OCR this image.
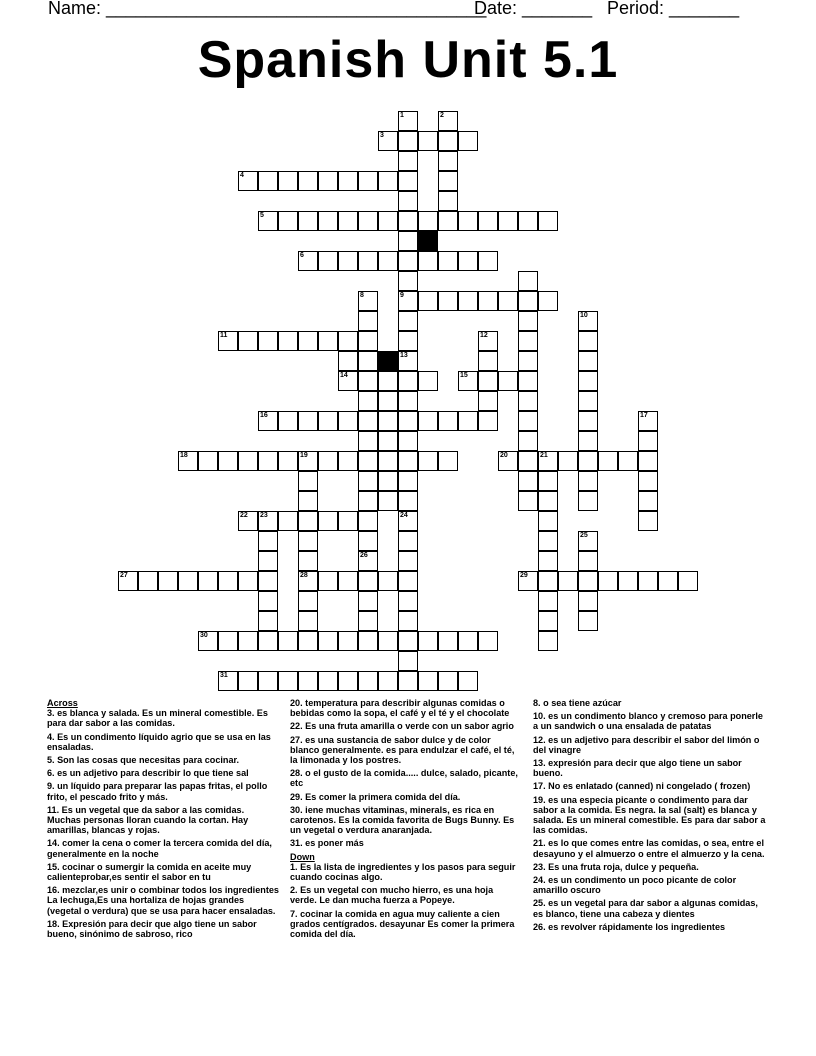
Name: ______________________________________
Date: _______ Period: _______
Spanish Unit 5.1
1
9
13
2
3
4
5
6
8
10
11	12
14	15
16	17
18	19
28
20	21
22 23	24
25
26
27	29
30
31
Across
3. es blanca y salada. Es un mineral comestible. Es para dar sabor a las comidas.
4. Es un condimento líquido agrio que se usa en las ensaladas.
5. Son las cosas que necesitas para cocinar.
6. es un adjetivo para describir lo que tiene sal
9. un líquido para preparar las papas fritas, el pollo frito, el pescado frito y más.
11. Es un vegetal que da sabor a las comidas. Muchas personas lloran cuando la cortan. Hay amarillas, blancas y rojas.
14. comer la cena o comer la tercera comida del día, generalmente en la noche
15. cocinar o sumergir la comida en aceite muy calienteprobar,es sentir el sabor en tu
16. mezclar,es unir o combinar todos los ingredientes La lechuga,Es una hortaliza de hojas grandes (vegetal o verdura) que se usa para hacer ensaladas.
18. Expresión para decir que algo tiene un sabor bueno, sinónimo de sabroso, rico
20. temperatura para describir algunas comidas o bebidas como la sopa, el café y el té y el chocolate
22. Es una fruta amarilla o verde con un sabor agrio
27. es una sustancia de sabor dulce y de color blanco generalmente. es para endulzar el café, el té, la limonada y los postres.
28. o el gusto de la comida..... dulce, salado, picante, etc
29. Es comer la primera comida del día.
30. iene muchas vitaminas, minerals, es rica en carotenos. Es la comida favorita de Bugs Bunny. Es un vegetal o verdura anaranjada.
31. es poner más
Down
1. Es la lista de ingredientes y los pasos para seguir cuando cocinas algo.
2. Es un vegetal con mucho hierro, es una hoja verde. Le dan mucha fuerza a Popeye.
7. cocinar la comida en agua muy caliente a cien grados centígrados. desayunar Es comer la primera comida del día.
8. o sea tiene azúcar
10. es un condimento blanco y cremoso para ponerle a un sandwich o una ensalada de patatas
12. es un adjetivo para describir el sabor del limón o del vinagre
13. expresión para decir que algo tiene un sabor bueno.
17. No es enlatado (canned) ni congelado ( frozen)
19. es una especia picante o condimento para dar sabor a la comida. Es negra. la sal (salt) es blanca y salada. Es un mineral comestible. Es para dar sabor a las comidas.
21. es lo que comes entre las comidas, o sea, entre el desayuno y el almuerzo o entre el almuerzo y la cena.
23. Es una fruta roja, dulce y pequeña.
24. es un condimento un poco picante de color amarillo oscuro
25. es un vegetal para dar sabor a algunas comidas, es blanco, tiene una cabeza y dientes
26. es revolver rápidamente los ingredientes
